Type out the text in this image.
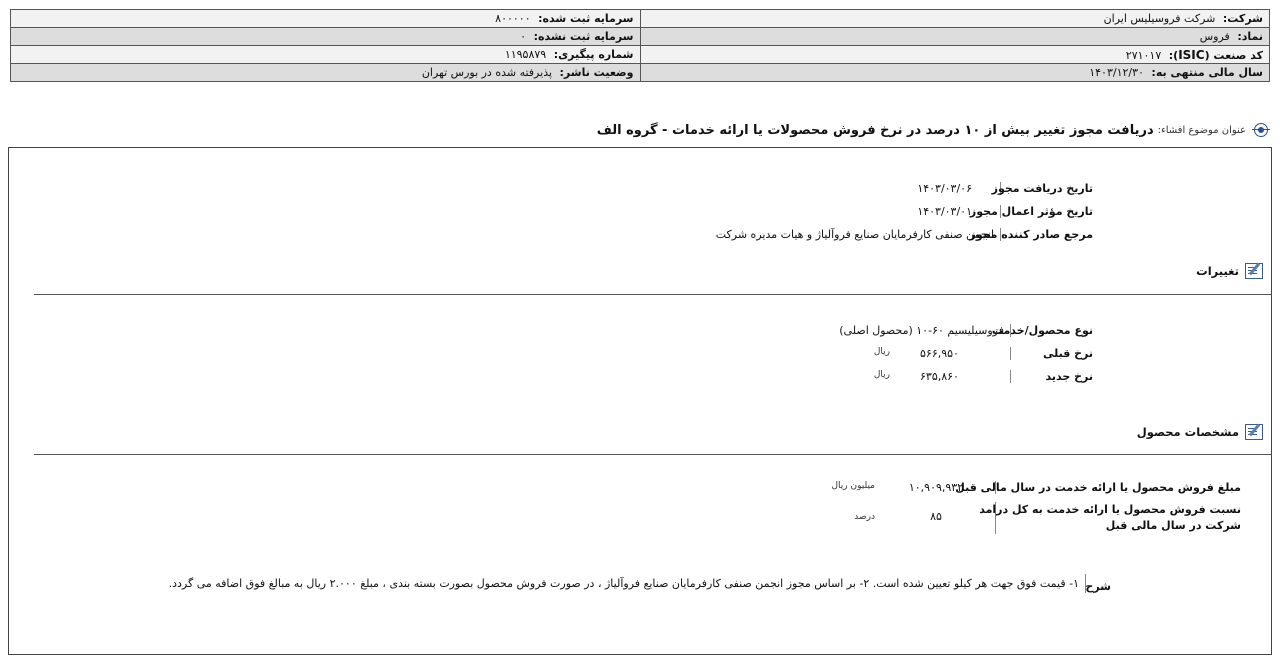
شرکت: شرکت فروسیلیس ایران	سرمایه ثبت شده: ۸۰۰۰۰۰
نماد: فروس	سرمایه ثبت نشده: ۰
کد صنعت (ISIC): ۲۷۱۰۱۷	شماره پیگیری: ۱۱۹۵۸۷۹
سال مالی منتهی به: ۱۴۰۳/۱۲/۳۰	وضعیت ناشر: پذیرفته شده در بورس تهران
عنوان موضوع افشاء:
دریافت مجوز تغییر بیش از ۱۰ درصد در نرخ فروش محصولات یا ارائه خدمات - گروه الف
تاریخ دریافت مجوز
۱۴۰۳/۰۳/۰۶
تاریخ مؤثر اعمال مجوز
۱۴۰۳/۰۳/۰۱
مرجع صادر کننده مجوز
انجمن صنفی کارفرمایان صنایع فروآلیاژ و هیات مدیره شرکت
تغییرات
نوع محصول/خدمت
فروسیلیسیم ۶۰-۱۰ (محصول اصلی)
نرخ قبلی
۵۶۶,۹۵۰
ریال
نرخ جدید
۶۳۵,۸۶۰
ریال
مشخصات محصول
مبلغ فروش محصول یا ارائه خدمت در سال مالی قبل
۱۰,۹۰۹,۹۳۲
میلیون ریال
نسبت فروش محصول یا ارائه خدمت به کل درامد
شرکت در سال مالی قبل
۸۵
درصد
شرح
۱- قیمت فوق جهت هر کیلو تعیین شده است. ۲- بر اساس مجوز انجمن صنفی کارفرمایان صنایع فروآلیاژ ، در صورت فروش محصول بصورت بسته بندی ، مبلغ ۲.۰۰۰ ریال به مبالغ فوق اضافه می گردد.
